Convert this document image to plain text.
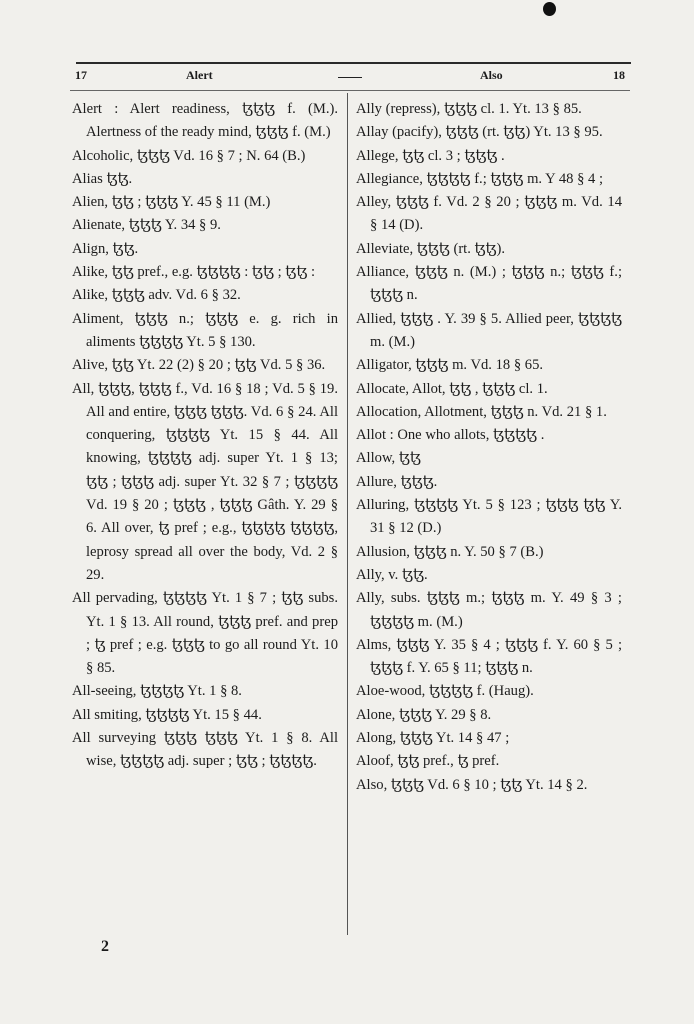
17	Alert	Also	18

Alert : Alert readiness, ꜩꜩꜩ f. (M.). Alertness of the ready mind, ꜩꜩꜩ f. (M.)

Alcoholic, ꜩꜩꜩ Vd. 16 § 7 ; N. 64 (B.)

Alias ꜩꜩ.

Alien, ꜩꜩ ; ꜩꜩꜩ Y. 45 § 11 (M.)

Alienate, ꜩꜩꜩ Y. 34 § 9.

Align, ꜩꜩ.

Alike, ꜩꜩ pref., e.g. ꜩꜩꜩꜩ : ꜩꜩ ; ꜩꜩ :

Alike, ꜩꜩꜩ adv. Vd. 6 § 32.

Aliment, ꜩꜩꜩ n.; ꜩꜩꜩ e. g. rich in aliments ꜩꜩꜩꜩ Yt. 5 § 130.

Alive, ꜩꜩ Yt. 22 (2) § 20 ; ꜩꜩ Vd. 5 § 36.

All, ꜩꜩꜩ, ꜩꜩꜩ f., Vd. 16 § 18 ; Vd. 5 § 19. All and entire, ꜩꜩꜩ ꜩꜩꜩ. Vd. 6 § 24. All conquering, ꜩꜩꜩꜩ Yt. 15 § 44. All knowing, ꜩꜩꜩꜩ adj. super Yt. 1 § 13; ꜩꜩ ; ꜩꜩꜩ adj. super Yt. 32 § 7 ; ꜩꜩꜩꜩ Vd. 19 § 20 ; ꜩꜩꜩ , ꜩꜩꜩ Gâth. Y. 29 § 6. All over, ꜩ pref ; e.g., ꜩꜩꜩꜩ ꜩꜩꜩꜩ, leprosy spread all over the body, Vd. 2 § 29.

All pervading, ꜩꜩꜩꜩ Yt. 1 § 7 ; ꜩꜩ subs. Yt. 1 § 13. All round, ꜩꜩꜩ pref. and prep ; ꜩ pref ; e.g. ꜩꜩꜩ to go all round Yt. 10 § 85.

All-seeing, ꜩꜩꜩꜩ Yt. 1 § 8.

All smiting, ꜩꜩꜩꜩ Yt. 15 § 44.

All surveying ꜩꜩꜩ ꜩꜩꜩ Yt. 1 § 8. All wise, ꜩꜩꜩꜩ adj. super ; ꜩꜩ ; ꜩꜩꜩꜩ.

Ally (repress), ꜩꜩꜩ cl. 1. Yt. 13 § 85.

Allay (pacify), ꜩꜩꜩ (rt. ꜩꜩ) Yt. 13 § 95.

Allege, ꜩꜩ cl. 3 ; ꜩꜩꜩ .

Allegiance, ꜩꜩꜩꜩ f.; ꜩꜩꜩ m. Y 48 § 4 ;

Alley, ꜩꜩꜩ f. Vd. 2 § 20 ; ꜩꜩꜩ m. Vd. 14 § 14 (D).

Alleviate, ꜩꜩꜩ (rt. ꜩꜩ).

Alliance, ꜩꜩꜩ n. (M.) ; ꜩꜩꜩ n.; ꜩꜩꜩ f.; ꜩꜩꜩ n.

Allied, ꜩꜩꜩ . Y. 39 § 5. Allied peer, ꜩꜩꜩꜩ m. (M.)

Alligator, ꜩꜩꜩ m. Vd. 18 § 65.

Allocate, Allot, ꜩꜩ , ꜩꜩꜩ cl. 1.

Allocation, Allotment, ꜩꜩꜩ n. Vd. 21 § 1.

Allot : One who allots, ꜩꜩꜩꜩ .

Allow, ꜩꜩ

Allure, ꜩꜩꜩ.

Alluring, ꜩꜩꜩꜩ Yt. 5 § 123 ; ꜩꜩꜩ ꜩꜩ Y. 31 § 12 (D.)

Allusion, ꜩꜩꜩ n. Y. 50 § 7 (B.)

Ally, v. ꜩꜩ.

Ally, subs. ꜩꜩꜩ m.; ꜩꜩꜩ m. Y. 49 § 3 ; ꜩꜩꜩꜩ m. (M.)

Alms, ꜩꜩꜩ Y. 35 § 4 ; ꜩꜩꜩ f. Y. 60 § 5 ; ꜩꜩꜩ f. Y. 65 § 11; ꜩꜩꜩ n.

Aloe-wood, ꜩꜩꜩꜩ f. (Haug).

Alone, ꜩꜩꜩ Y. 29 § 8.

Along, ꜩꜩꜩ Yt. 14 § 47 ;

Aloof, ꜩꜩ pref., ꜩ pref.

Also, ꜩꜩꜩ Vd. 6 § 10 ; ꜩꜩ Yt. 14 § 2.

2
